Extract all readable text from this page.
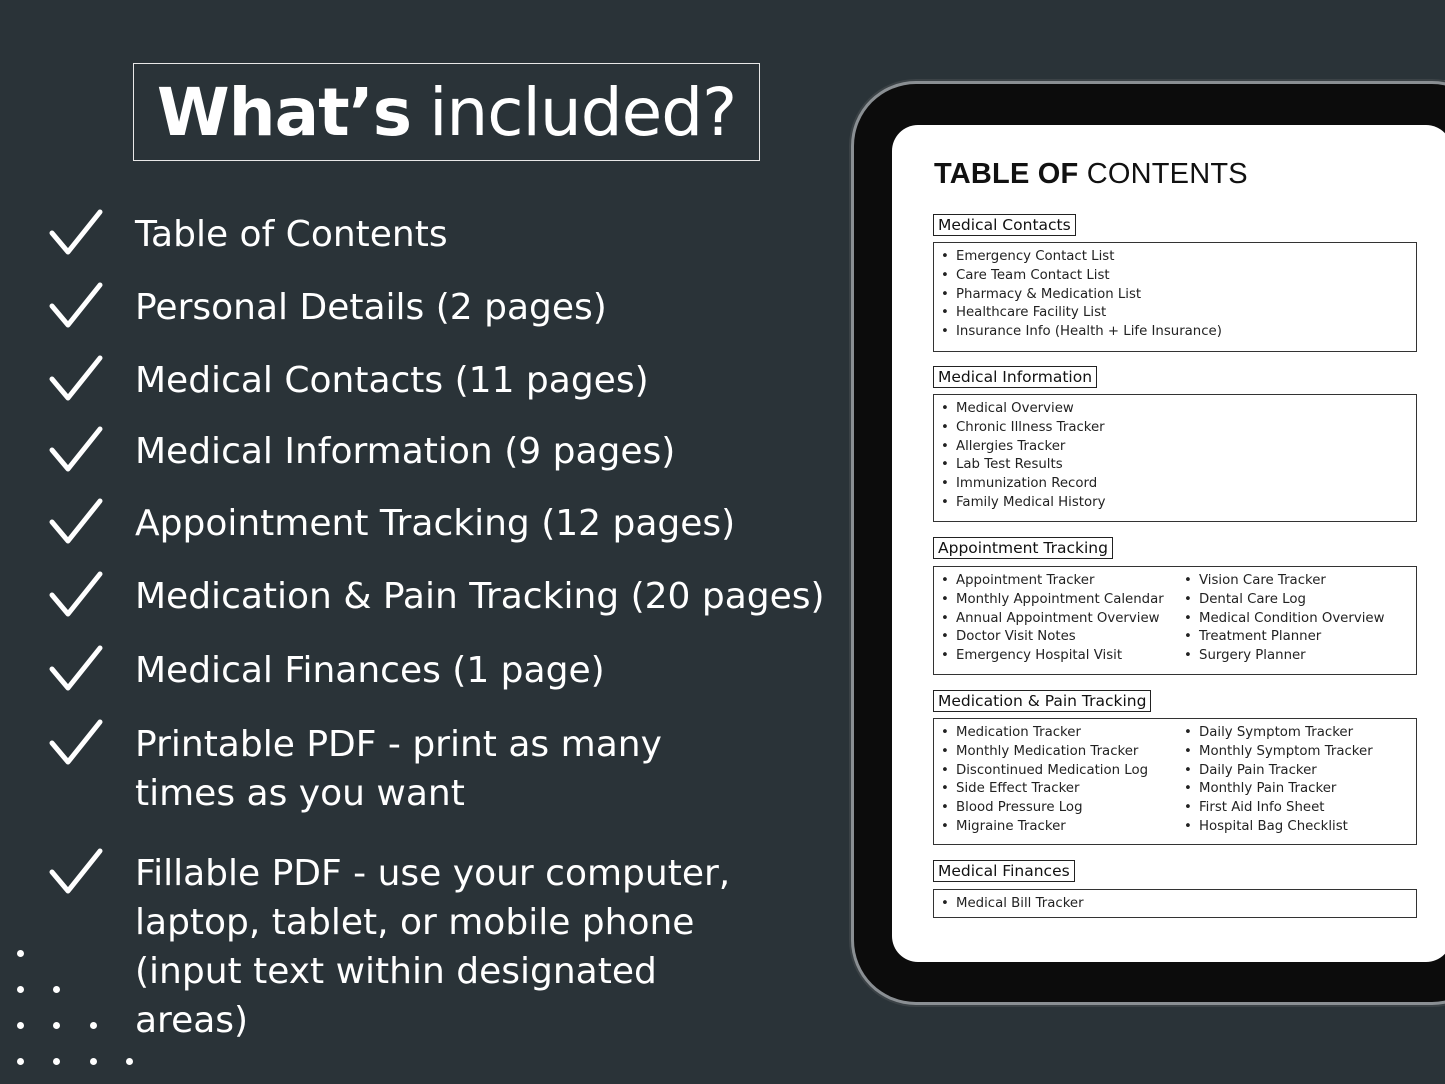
What’s included?
Table of Contents
Personal Details (2 pages)
Medical Contacts (11 pages)
Medical Information (9 pages)
Appointment Tracking (12 pages)
Medication & Pain Tracking (20 pages)
Medical Finances (1 page)
Printable PDF - print as many
times as you want
Fillable PDF - use your computer,
laptop, tablet, or mobile phone
(input text within designated
areas)
TABLE OF CONTENTS
Medical Contacts
• Emergency Contact List
• Care Team Contact List
• Pharmacy & Medication List
• Healthcare Facility List
• Insurance Info (Health + Life Insurance)
Medical Information
• Medical Overview
• Chronic Illness Tracker
• Allergies Tracker
• Lab Test Results
• Immunization Record
• Family Medical History
Appointment Tracking
• Appointment Tracker
• Monthly Appointment Calendar
• Annual Appointment Overview
• Doctor Visit Notes
• Emergency Hospital Visit
• Vision Care Tracker
• Dental Care Log
• Medical Condition Overview
• Treatment Planner
• Surgery Planner
Medication & Pain Tracking
• Medication Tracker
• Monthly Medication Tracker
• Discontinued Medication Log
• Side Effect Tracker
• Blood Pressure Log
• Migraine Tracker
• Daily Symptom Tracker
• Monthly Symptom Tracker
• Daily Pain Tracker
• Monthly Pain Tracker
• First Aid Info Sheet
• Hospital Bag Checklist
Medical Finances
• Medical Bill Tracker
